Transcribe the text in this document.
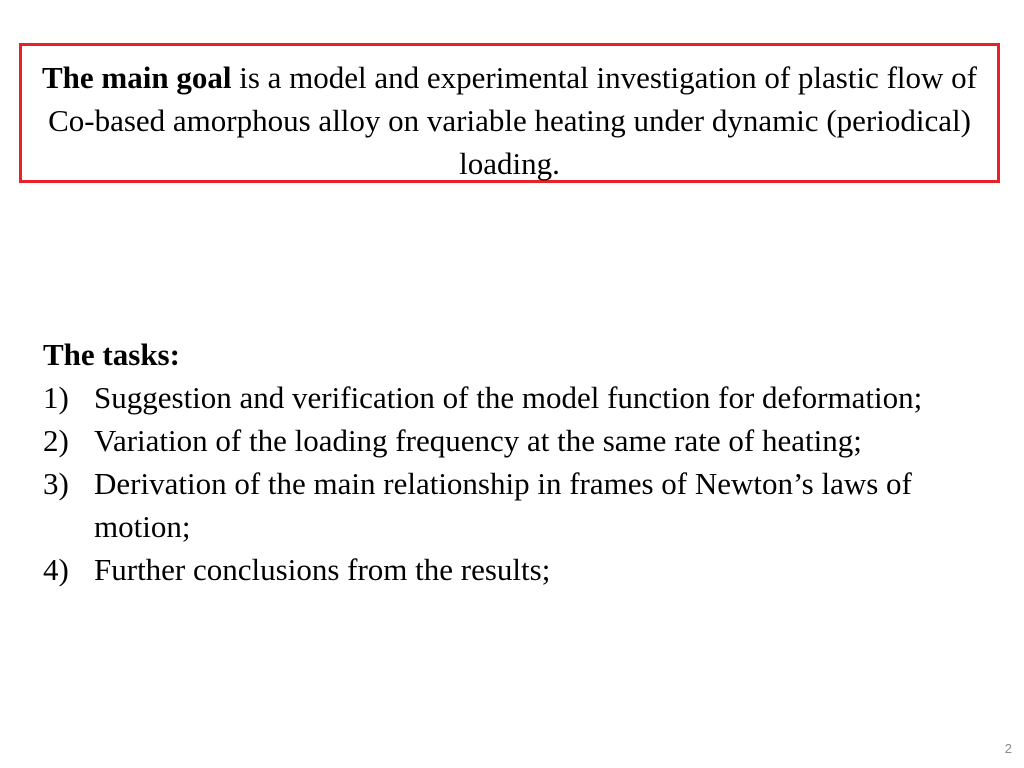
The main goal is a model and experimental investigation of plastic flow of Co-based amorphous alloy on variable heating under dynamic (periodical) loading.
The tasks:
1) Suggestion and verification of the model function for deformation;
2) Variation of the loading frequency at the same rate of heating;
3) Derivation of the main relationship in frames of Newton’s laws of motion;
4) Further conclusions from the results;
2
